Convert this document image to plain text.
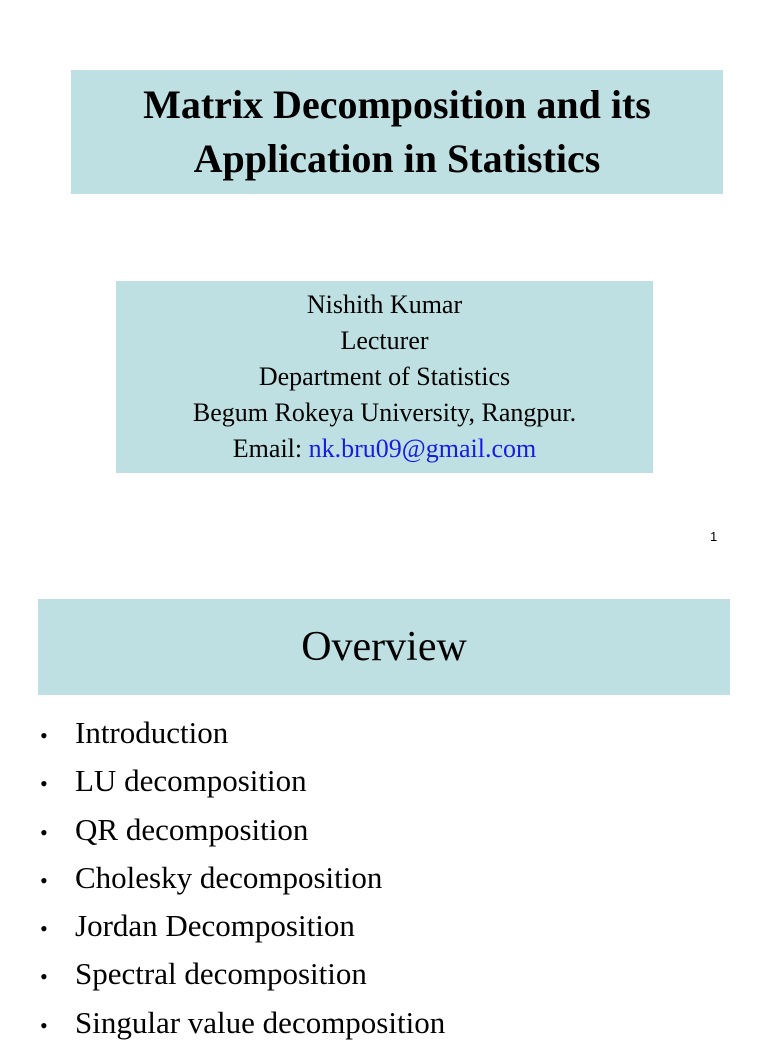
Matrix Decomposition and its
Application in Statistics
Nishith Kumar
Lecturer
Department of Statistics
Begum Rokeya University, Rangpur.
Email: nk.bru09@gmail.com
1
Overview
• Introduction
• LU decomposition
• QR decomposition
• Cholesky decomposition
• Jordan Decomposition
• Spectral decomposition
• Singular value decomposition
